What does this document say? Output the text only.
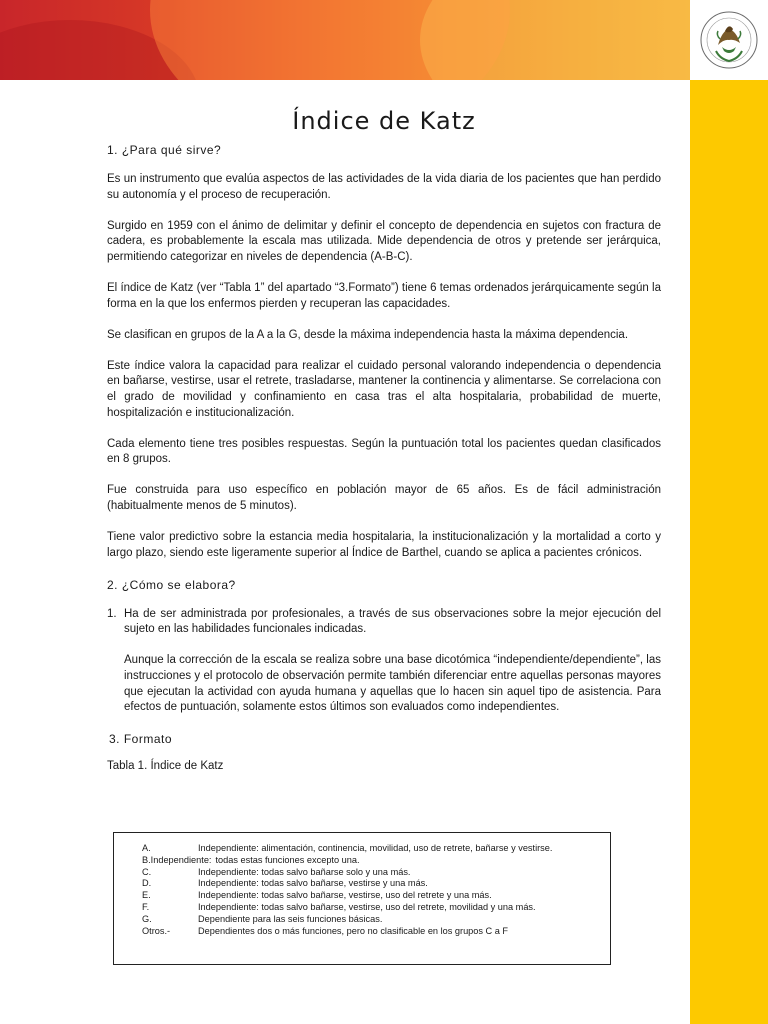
Índice de Katz
1. ¿Para qué sirve?

Es un instrumento que evalúa aspectos de las actividades de la vida diaria de los pacientes que han perdido su autonomía y el proceso de recuperación.

Surgido en 1959 con el ánimo de delimitar y definir el concepto de dependencia en sujetos con fractura de cadera, es probablemente la escala mas utilizada. Mide dependencia de otros y pretende ser jerárquica, permitiendo categorizar en niveles de dependencia (A-B-C).

El índice de Katz (ver “Tabla 1” del apartado “3.Formato”) tiene 6 temas ordenados jerárquicamente según la forma en la que los enfermos pierden y recuperan las capacidades.

Se clasifican en grupos de la A a la G, desde la máxima independencia hasta la máxima dependencia.

Este índice valora la capacidad para realizar el cuidado personal valorando independencia o dependencia en bañarse, vestirse, usar el retrete, trasladarse, mantener la continencia y alimentarse. Se correlaciona con el grado de movilidad y confinamiento en casa tras el alta hospitalaria, probabilidad de muerte, hospitalización e institucionalización.

Cada elemento tiene tres posibles respuestas. Según la puntuación total los pacientes quedan clasificados en 8 grupos.

Fue construida para uso específico en población mayor de 65 años. Es de fácil administración (habitualmente menos de 5 minutos).

Tiene valor predictivo sobre la estancia media hospitalaria, la institucionalización y la mortalidad a corto y largo plazo, siendo este ligeramente superior al Índice de Barthel, cuando se aplica a pacientes crónicos.

2. ¿Cómo se elabora?
1. Ha de ser administrada por profesionales, a través de sus observaciones sobre la mejor ejecución del sujeto en las habilidades funcionales indicadas.

Aunque la corrección de la escala se realiza sobre una base dicotómica “independiente/dependiente”, las instrucciones y el protocolo de observación permite también diferenciar entre aquellas personas mayores que ejecutan la actividad con ayuda humana y aquellas que lo hacen sin aquel tipo de asistencia. Para efectos de puntuación, solamente estos últimos son evaluados como independientes.

3. Formato
Tabla 1. Índice de Katz
A.	Independiente: alimentación, continencia, movilidad, uso de retrete, bañarse y vestirse.
B.Independiente: todas estas funciones excepto una.
C.	Independiente: todas salvo bañarse solo y una más.
D.	Independiente: todas salvo bañarse, vestirse y una más.
E.	Independiente: todas salvo bañarse, vestirse, uso del retrete y una más.
F.	Independiente: todas salvo bañarse, vestirse, uso del retrete, movilidad y una más.
G.	Dependiente para las seis funciones básicas.
Otros.-	Dependientes dos o más funciones, pero no clasificable en los grupos C a F
